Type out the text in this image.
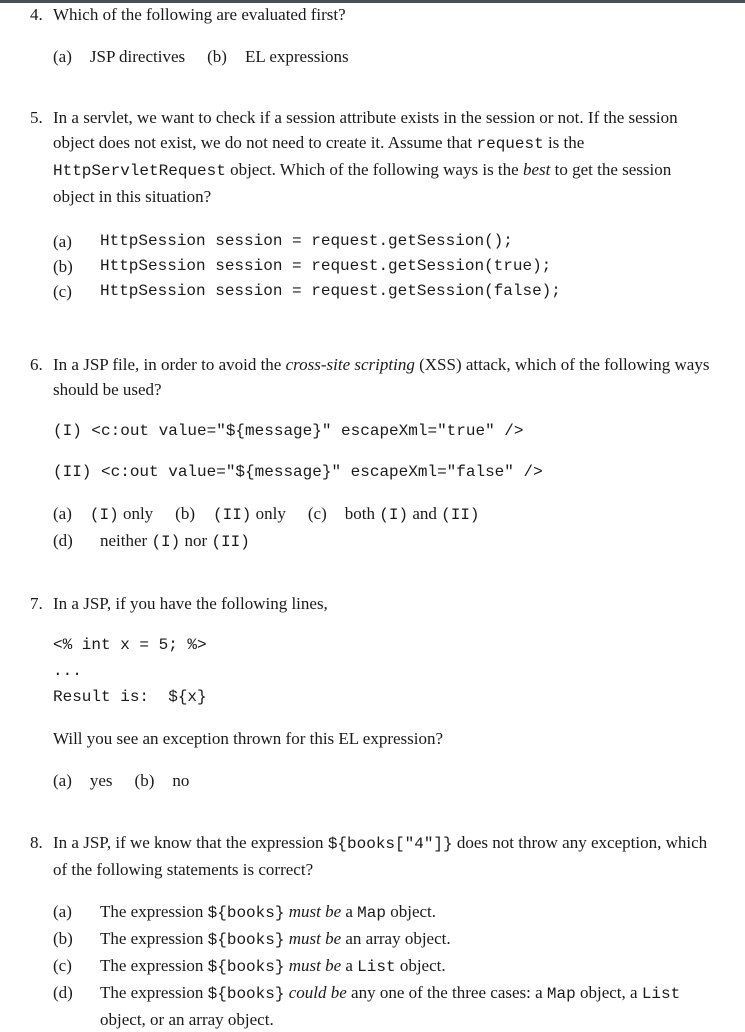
4. Which of the following are evaluated first?

(a) JSP directives (b) EL expressions
5. In a servlet, we want to check if a session attribute exists in the session or not. If the session object does not exist, we do not need to create it. Assume that request is the HttpServletRequest object. Which of the following ways is the best to get the session object in this situation?

(a)	HttpSession session = request.getSession();
(b)	HttpSession session = request.getSession(true);
(c)	HttpSession session = request.getSession(false);
6. In a JSP file, in order to avoid the cross-site scripting (XSS) attack, which of the following ways should be used?

(I) <c:out value="${message}" escapeXml="true" />

(II) <c:out value="${message}" escapeXml="false" />

(a) (I) only (b) (II) only (c) both (I) and (II)
(d)	neither (I) nor (II)
7. In a JSP, if you have the following lines,

<% int x = 5; %>

...

Result is:  ${x}

Will you see an exception thrown for this EL expression?

(a) yes (b) no
8. In a JSP, if we know that the expression ${books["4"]} does not throw any exception, which of the following statements is correct?

(a)	The expression ${books} must be a Map object.
(b)	The expression ${books} must be an array object.
(c)	The expression ${books} must be a List object.
(d)	The expression ${books} could be any one of the three cases: a Map object, a List object, or an array object.
